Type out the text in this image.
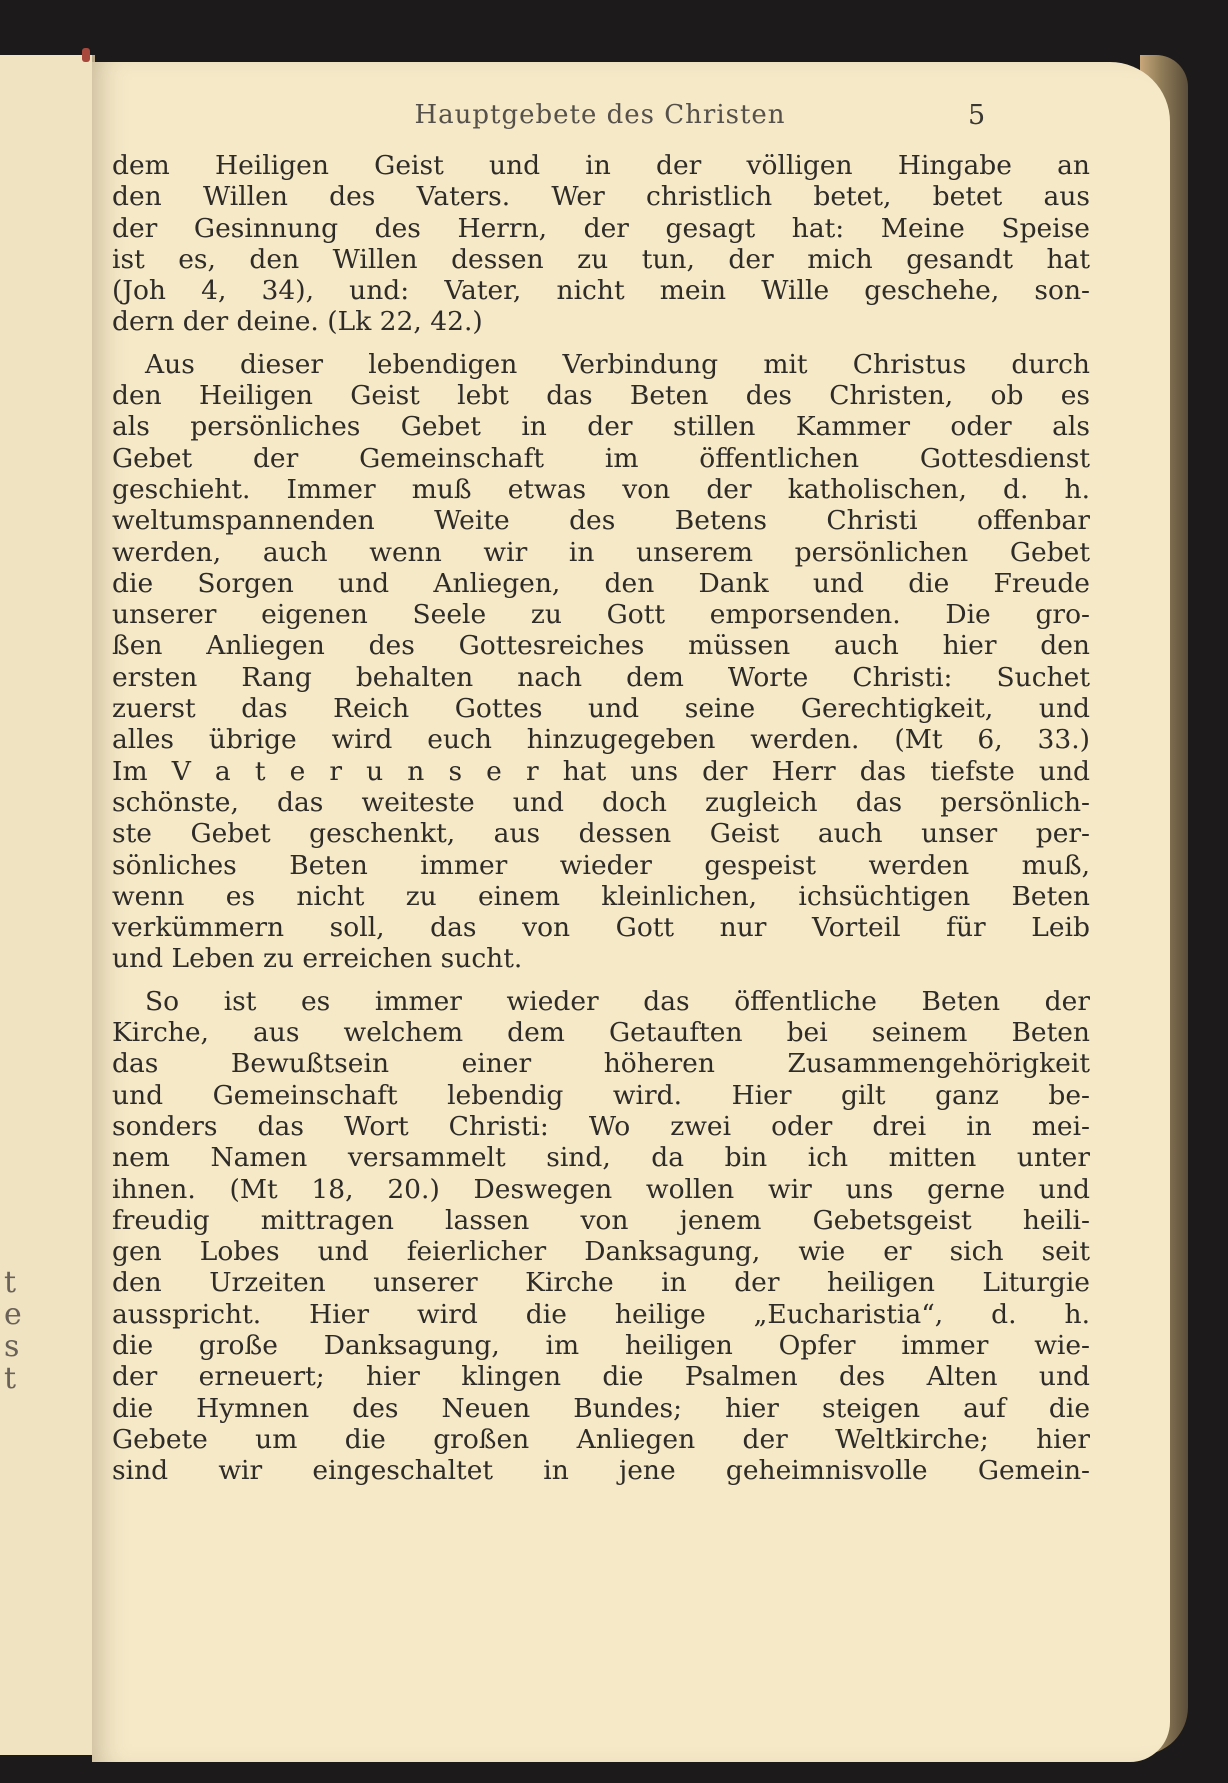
t
e
s
t
Hauptgebete des Christen	5
dem Heiligen Geist und in der völligen Hingabe an
den Willen des Vaters. Wer christlich betet, betet aus
der Gesinnung des Herrn, der gesagt hat: Meine Speise
ist es, den Willen dessen zu tun, der mich gesandt hat
(Joh 4, 34), und: Vater, nicht mein Wille geschehe, son-
dern der deine. (Lk 22, 42.)
Aus dieser lebendigen Verbindung mit Christus durch
den Heiligen Geist lebt das Beten des Christen, ob es
als persönliches Gebet in der stillen Kammer oder als
Gebet der Gemeinschaft im öffentlichen Gottesdienst
geschieht. Immer muß etwas von der katholischen, d. h.
weltumspannenden Weite des Betens Christi offenbar
werden, auch wenn wir in unserem persönlichen Gebet
die Sorgen und Anliegen, den Dank und die Freude
unserer eigenen Seele zu Gott emporsenden. Die gro-
ßen Anliegen des Gottesreiches müssen auch hier den
ersten Rang behalten nach dem Worte Christi: Suchet
zuerst das Reich Gottes und seine Gerechtigkeit, und
alles übrige wird euch hinzugegeben werden. (Mt 6, 33.)
Im V a t e r u n s e r hat uns der Herr das tiefste und
schönste, das weiteste und doch zugleich das persönlich-
ste Gebet geschenkt, aus dessen Geist auch unser per-
sönliches Beten immer wieder gespeist werden muß,
wenn es nicht zu einem kleinlichen, ichsüchtigen Beten
verkümmern soll, das von Gott nur Vorteil für Leib
und Leben zu erreichen sucht.
So ist es immer wieder das öffentliche Beten der
Kirche, aus welchem dem Getauften bei seinem Beten
das Bewußtsein einer höheren Zusammengehörigkeit
und Gemeinschaft lebendig wird. Hier gilt ganz be-
sonders das Wort Christi: Wo zwei oder drei in mei-
nem Namen versammelt sind, da bin ich mitten unter
ihnen. (Mt 18, 20.) Deswegen wollen wir uns gerne und
freudig mittragen lassen von jenem Gebetsgeist heili-
gen Lobes und feierlicher Danksagung, wie er sich seit
den Urzeiten unserer Kirche in der heiligen Liturgie
ausspricht. Hier wird die heilige „Eucharistia“, d. h.
die große Danksagung, im heiligen Opfer immer wie-
der erneuert; hier klingen die Psalmen des Alten und
die Hymnen des Neuen Bundes; hier steigen auf die
Gebete um die großen Anliegen der Weltkirche; hier
sind wir eingeschaltet in jene geheimnisvolle Gemein-
